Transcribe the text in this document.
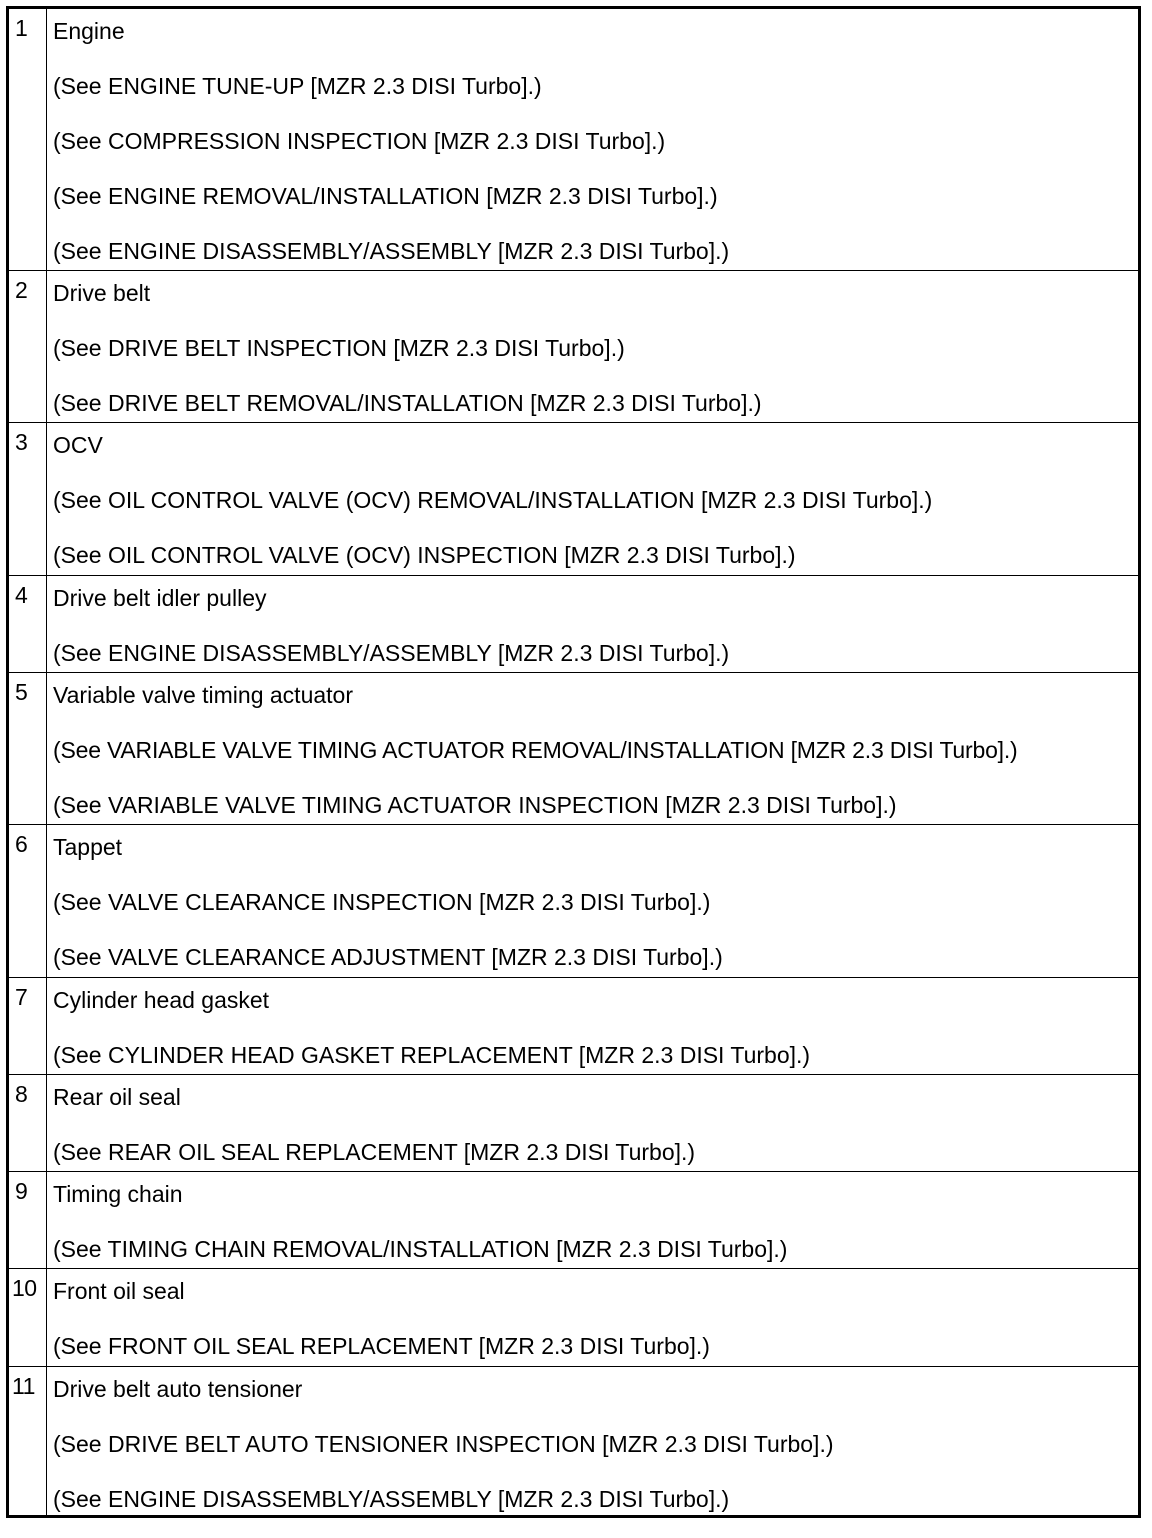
1 Engine
(See ENGINE TUNE-UP [MZR 2.3 DISI Turbo].)
(See COMPRESSION INSPECTION [MZR 2.3 DISI Turbo].)
(See ENGINE REMOVAL/INSTALLATION [MZR 2.3 DISI Turbo].)
(See ENGINE DISASSEMBLY/ASSEMBLY [MZR 2.3 DISI Turbo].)
2 Drive belt
(See DRIVE BELT INSPECTION [MZR 2.3 DISI Turbo].)
(See DRIVE BELT REMOVAL/INSTALLATION [MZR 2.3 DISI Turbo].)
3 OCV
(See OIL CONTROL VALVE (OCV) REMOVAL/INSTALLATION [MZR 2.3 DISI Turbo].)
(See OIL CONTROL VALVE (OCV) INSPECTION [MZR 2.3 DISI Turbo].)
4 Drive belt idler pulley
(See ENGINE DISASSEMBLY/ASSEMBLY [MZR 2.3 DISI Turbo].)
5 Variable valve timing actuator
(See VARIABLE VALVE TIMING ACTUATOR REMOVAL/INSTALLATION [MZR 2.3 DISI Turbo].)
(See VARIABLE VALVE TIMING ACTUATOR INSPECTION [MZR 2.3 DISI Turbo].)
6 Tappet
(See VALVE CLEARANCE INSPECTION [MZR 2.3 DISI Turbo].)
(See VALVE CLEARANCE ADJUSTMENT [MZR 2.3 DISI Turbo].)
7 Cylinder head gasket
(See CYLINDER HEAD GASKET REPLACEMENT [MZR 2.3 DISI Turbo].)
8 Rear oil seal
(See REAR OIL SEAL REPLACEMENT [MZR 2.3 DISI Turbo].)
9 Timing chain
(See TIMING CHAIN REMOVAL/INSTALLATION [MZR 2.3 DISI Turbo].)
10 Front oil seal
(See FRONT OIL SEAL REPLACEMENT [MZR 2.3 DISI Turbo].)
11 Drive belt auto tensioner
(See DRIVE BELT AUTO TENSIONER INSPECTION [MZR 2.3 DISI Turbo].)
(See ENGINE DISASSEMBLY/ASSEMBLY [MZR 2.3 DISI Turbo].)
